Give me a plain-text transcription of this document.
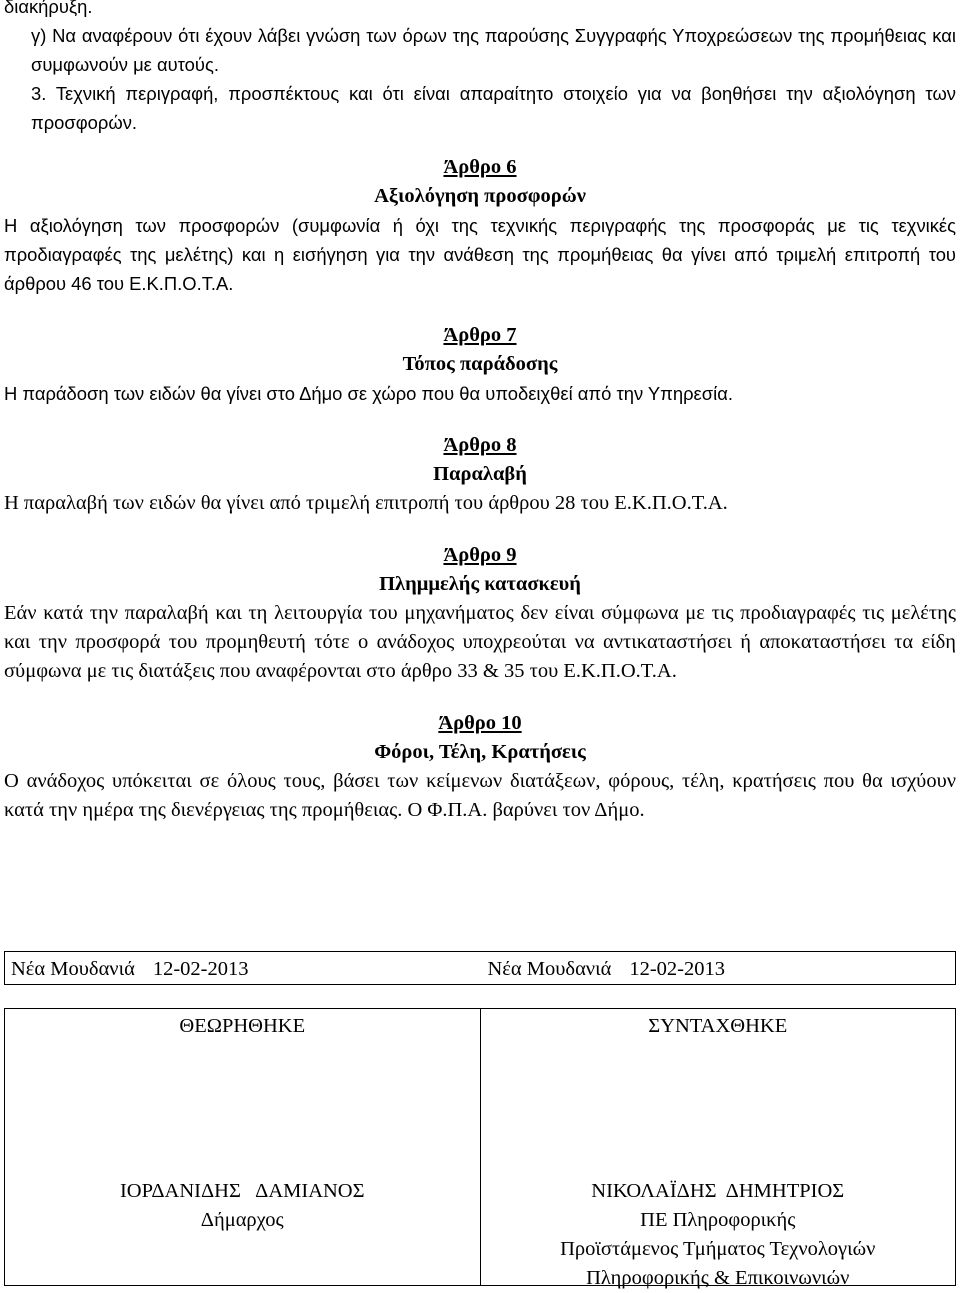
διακήρυξη.

γ) Να αναφέρουν ότι έχουν λάβει γνώση των όρων της παρούσης Συγγραφής Υποχρεώσεων της προμήθειας και συμφωνούν με αυτούς.

3. Τεχνική περιγραφή, προσπέκτους και ότι είναι απαραίτητο στοιχείο για να βοηθήσει την αξιολόγηση των προσφορών.

Άρθρο 6

Αξιολόγηση προσφορών

Η αξιολόγηση των προσφορών (συμφωνία ή όχι της τεχνικής περιγραφής της προσφοράς με τις τεχνικές προδιαγραφές της μελέτης) και η εισήγηση για την ανάθεση της προμήθειας θα γίνει από τριμελή επιτροπή του άρθρου 46 του Ε.Κ.Π.Ο.Τ.Α.

Άρθρο 7

Τόπος παράδοσης

Η παράδοση των ειδών θα γίνει στο Δήμο σε χώρο που θα υποδειχθεί από την Υπηρεσία.

Άρθρο 8

Παραλαβή

Η παραλαβή των ειδών θα γίνει από τριμελή επιτροπή του άρθρου 28 του Ε.Κ.Π.Ο.Τ.Α.

Άρθρο 9

Πλημμελής κατασκευή

Εάν κατά την παραλαβή και τη λειτουργία του μηχανήματος δεν είναι σύμφωνα με τις προδιαγραφές τις μελέτης και την προσφορά του προμηθευτή τότε ο ανάδοχος υποχρεούται να αντικαταστήσει ή αποκαταστήσει τα είδη σύμφωνα με τις διατάξεις που αναφέρονται στο άρθρο 33 & 35 του Ε.Κ.Π.Ο.Τ.Α.

Άρθρο 10

Φόροι, Τέλη, Κρατήσεις

Ο ανάδοχος υπόκειται σε όλους τους, βάσει των κείμενων διατάξεων, φόρους, τέλη, κρατήσεις που θα ισχύουν κατά την ημέρα της διενέργειας της προμήθειας. Ο Φ.Π.Α. βαρύνει τον Δήμο.

Νέα Μουδανιά 12-02-2013	Νέα Μουδανιά 12-02-2013
ΘΕΩΡΗΘΗΚΕ
ΙΟΡΔΑΝΙΔΗΣ   ΔΑΜΙΑΝΟΣ
Δήμαρχος
ΣΥΝΤΑΧΘΗΚΕ
ΝΙΚΟΛΑΪΔΗΣ  ΔΗΜΗΤΡΙΟΣ
ΠΕ Πληροφορικής
Προϊστάμενος Τμήματος Τεχνολογιών
Πληροφορικής & Επικοινωνιών
